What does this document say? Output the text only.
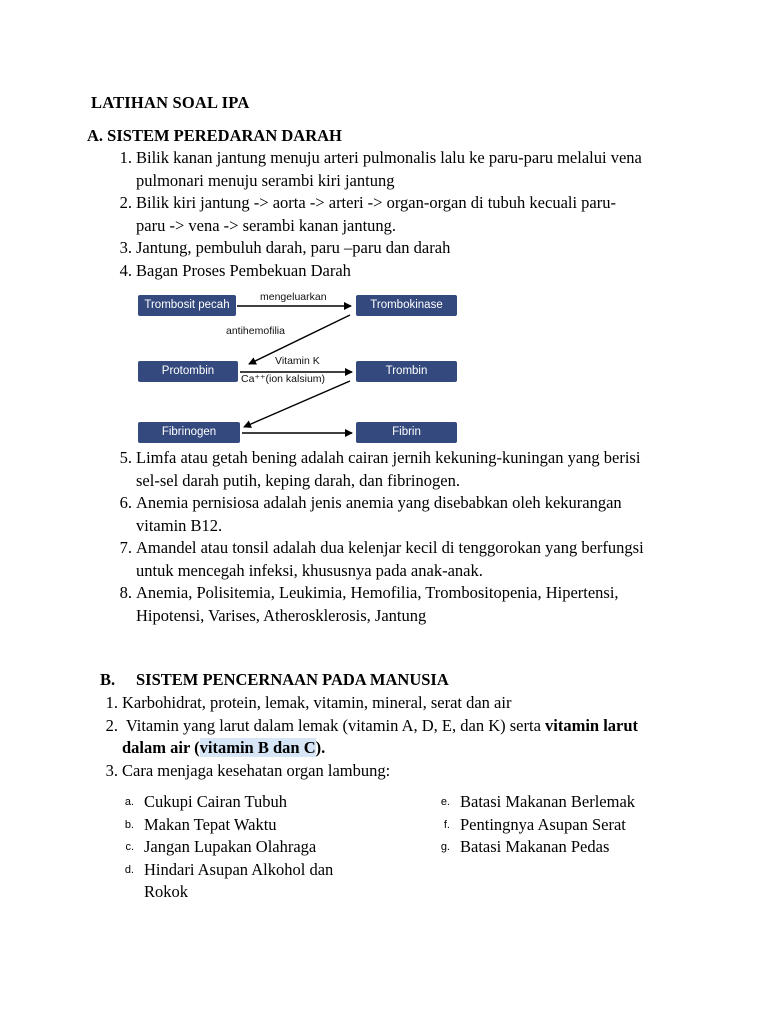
LATIHAN SOAL IPA
A. SISTEM PEREDARAN DARAH
1. Bilik kanan jantung menuju arteri pulmonalis lalu ke paru-paru melalui vena
pulmonari menuju serambi kiri jantung
2. Bilik kiri jantung -> aorta -> arteri -> organ-organ di tubuh kecuali paru-
paru -> vena -> serambi kanan jantung.
3. Jantung, pembuluh darah, paru –paru dan darah
4. Bagan Proses Pembekuan Darah
Trombosit pecah	Trombokinase
Protombin	Trombin
Fibrinogen	Fibrin
mengeluarkan
antihemofilia
Vitamin K
Ca⁺⁺(ion kalsium)
5. Limfa atau getah bening adalah cairan jernih kekuning-kuningan yang berisi
sel-sel darah putih, keping darah, dan fibrinogen.
6. Anemia pernisiosa adalah jenis anemia yang disebabkan oleh kekurangan
vitamin B12.
7. Amandel atau tonsil adalah dua kelenjar kecil di tenggorokan yang berfungsi
untuk mencegah infeksi, khususnya pada anak-anak.
8. Anemia, Polisitemia, Leukimia, Hemofilia, Trombositopenia, Hipertensi,
Hipotensi, Varises, Atherosklerosis, Jantung
B. SISTEM PENCERNAAN PADA MANUSIA
1. Karbohidrat, protein, lemak, vitamin, mineral, serat dan air
2. Vitamin yang larut dalam lemak (vitamin A, D, E, dan K) serta vitamin larut
dalam air (vitamin B dan C).
3. Cara menjaga kesehatan organ lambung:
a. Cukupi Cairan Tubuh
b. Makan Tepat Waktu
c. Jangan Lupakan Olahraga
d. Hindari Asupan Alkohol dan
Rokok
e. Batasi Makanan Berlemak
f. Pentingnya Asupan Serat
g. Batasi Makanan Pedas
